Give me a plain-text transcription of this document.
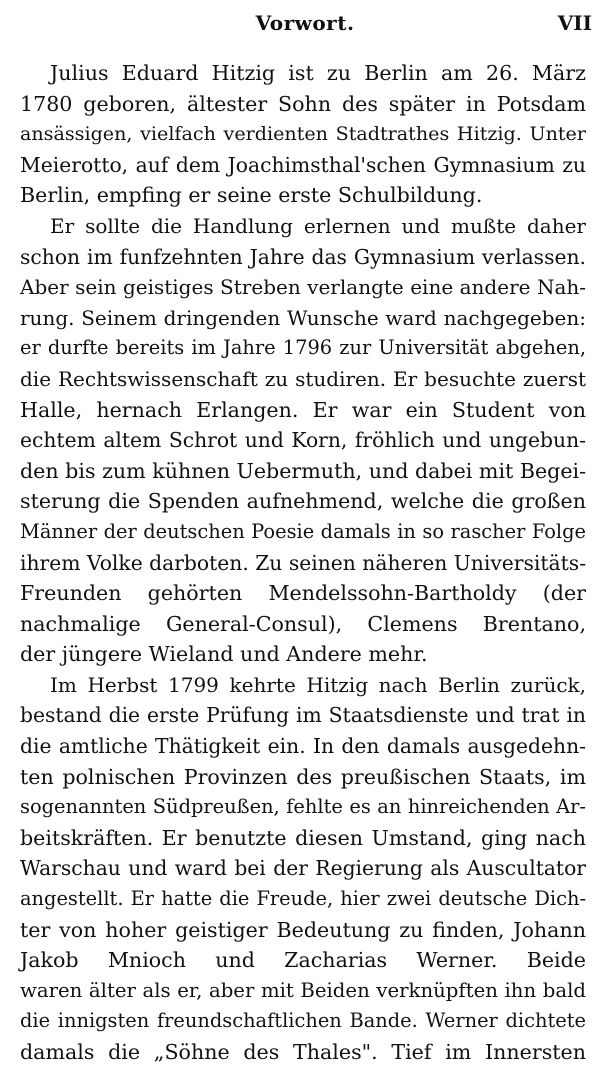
Vorwort.	VII
Julius Eduard Hitzig ist zu Berlin am 26. März
1780 geboren, ältester Sohn des später in Potsdam
ansässigen, vielfach verdienten Stadtrathes Hitzig. Unter
Meierotto, auf dem Joachimsthal'schen Gymnasium zu
Berlin, empfing er seine erste Schulbildung.
Er sollte die Handlung erlernen und mußte daher
schon im funfzehnten Jahre das Gymnasium verlassen.
Aber sein geistiges Streben verlangte eine andere Nah-
rung. Seinem dringenden Wunsche ward nachgegeben:
er durfte bereits im Jahre 1796 zur Universität abgehen,
die Rechtswissenschaft zu studiren. Er besuchte zuerst
Halle, hernach Erlangen. Er war ein Student von
echtem altem Schrot und Korn, fröhlich und ungebun-
den bis zum kühnen Uebermuth, und dabei mit Begei-
sterung die Spenden aufnehmend, welche die großen
Männer der deutschen Poesie damals in so rascher Folge
ihrem Volke darboten. Zu seinen näheren Universitäts-
Freunden gehörten Mendelssohn-Bartholdy (der
nachmalige General-Consul), Clemens Brentano,
der jüngere Wieland und Andere mehr.
Im Herbst 1799 kehrte Hitzig nach Berlin zurück,
bestand die erste Prüfung im Staatsdienste und trat in
die amtliche Thätigkeit ein. In den damals ausgedehn-
ten polnischen Provinzen des preußischen Staats, im
sogenannten Südpreußen, fehlte es an hinreichenden Ar-
beitskräften. Er benutzte diesen Umstand, ging nach
Warschau und ward bei der Regierung als Auscultator
angestellt. Er hatte die Freude, hier zwei deutsche Dich-
ter von hoher geistiger Bedeutung zu finden, Johann
Jakob Mnioch und Zacharias Werner. Beide
waren älter als er, aber mit Beiden verknüpften ihn bald
die innigsten freundschaftlichen Bande. Werner dichtete
damals die „Söhne des Thales". Tief im Innersten
